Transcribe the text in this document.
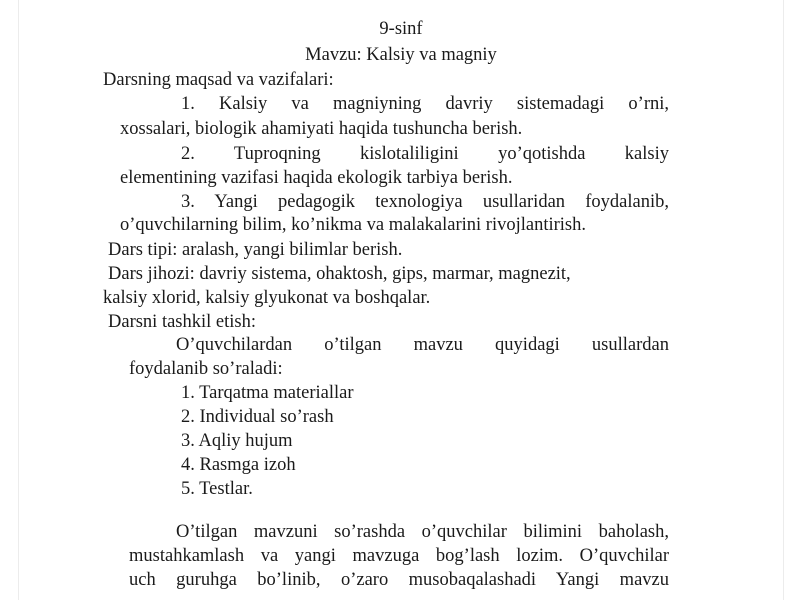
9-sinf
Mavzu: Kalsiy va magniy
Darsning maqsad va vazifalari:
1. Kalsiy va magniyning davriy sistemadagi o’rni,
xossalari, biologik ahamiyati haqida tushuncha berish.
2. Tuproqning kislotaliligini yo’qotishda kalsiy
elementining vazifasi haqida ekologik tarbiya berish.
3. Yangi pedagogik texnologiya usullaridan foydalanib,
o’quvchilarning bilim, ko’nikma va malakalarini rivojlantirish.
Dars tipi: aralash, yangi bilimlar berish.
Dars jihozi: davriy sistema, ohaktosh, gips, marmar, magnezit,
kalsiy xlorid, kalsiy glyukonat va boshqalar.
Darsni tashkil etish:
O’quvchilardan o’tilgan mavzu quyidagi usullardan
foydalanib so’raladi:
1. Tarqatma materiallar
2. Individual so’rash
3. Aqliy hujum
4. Rasmga izoh
5. Testlar.
O’tilgan mavzuni so’rashda o’quvchilar bilimini baholash,
mustahkamlash va yangi mavzuga bog’lash lozim. O’quvchilar
uch guruhga bo’linib, o’zaro musobaqalashadi Yangi mavzu
